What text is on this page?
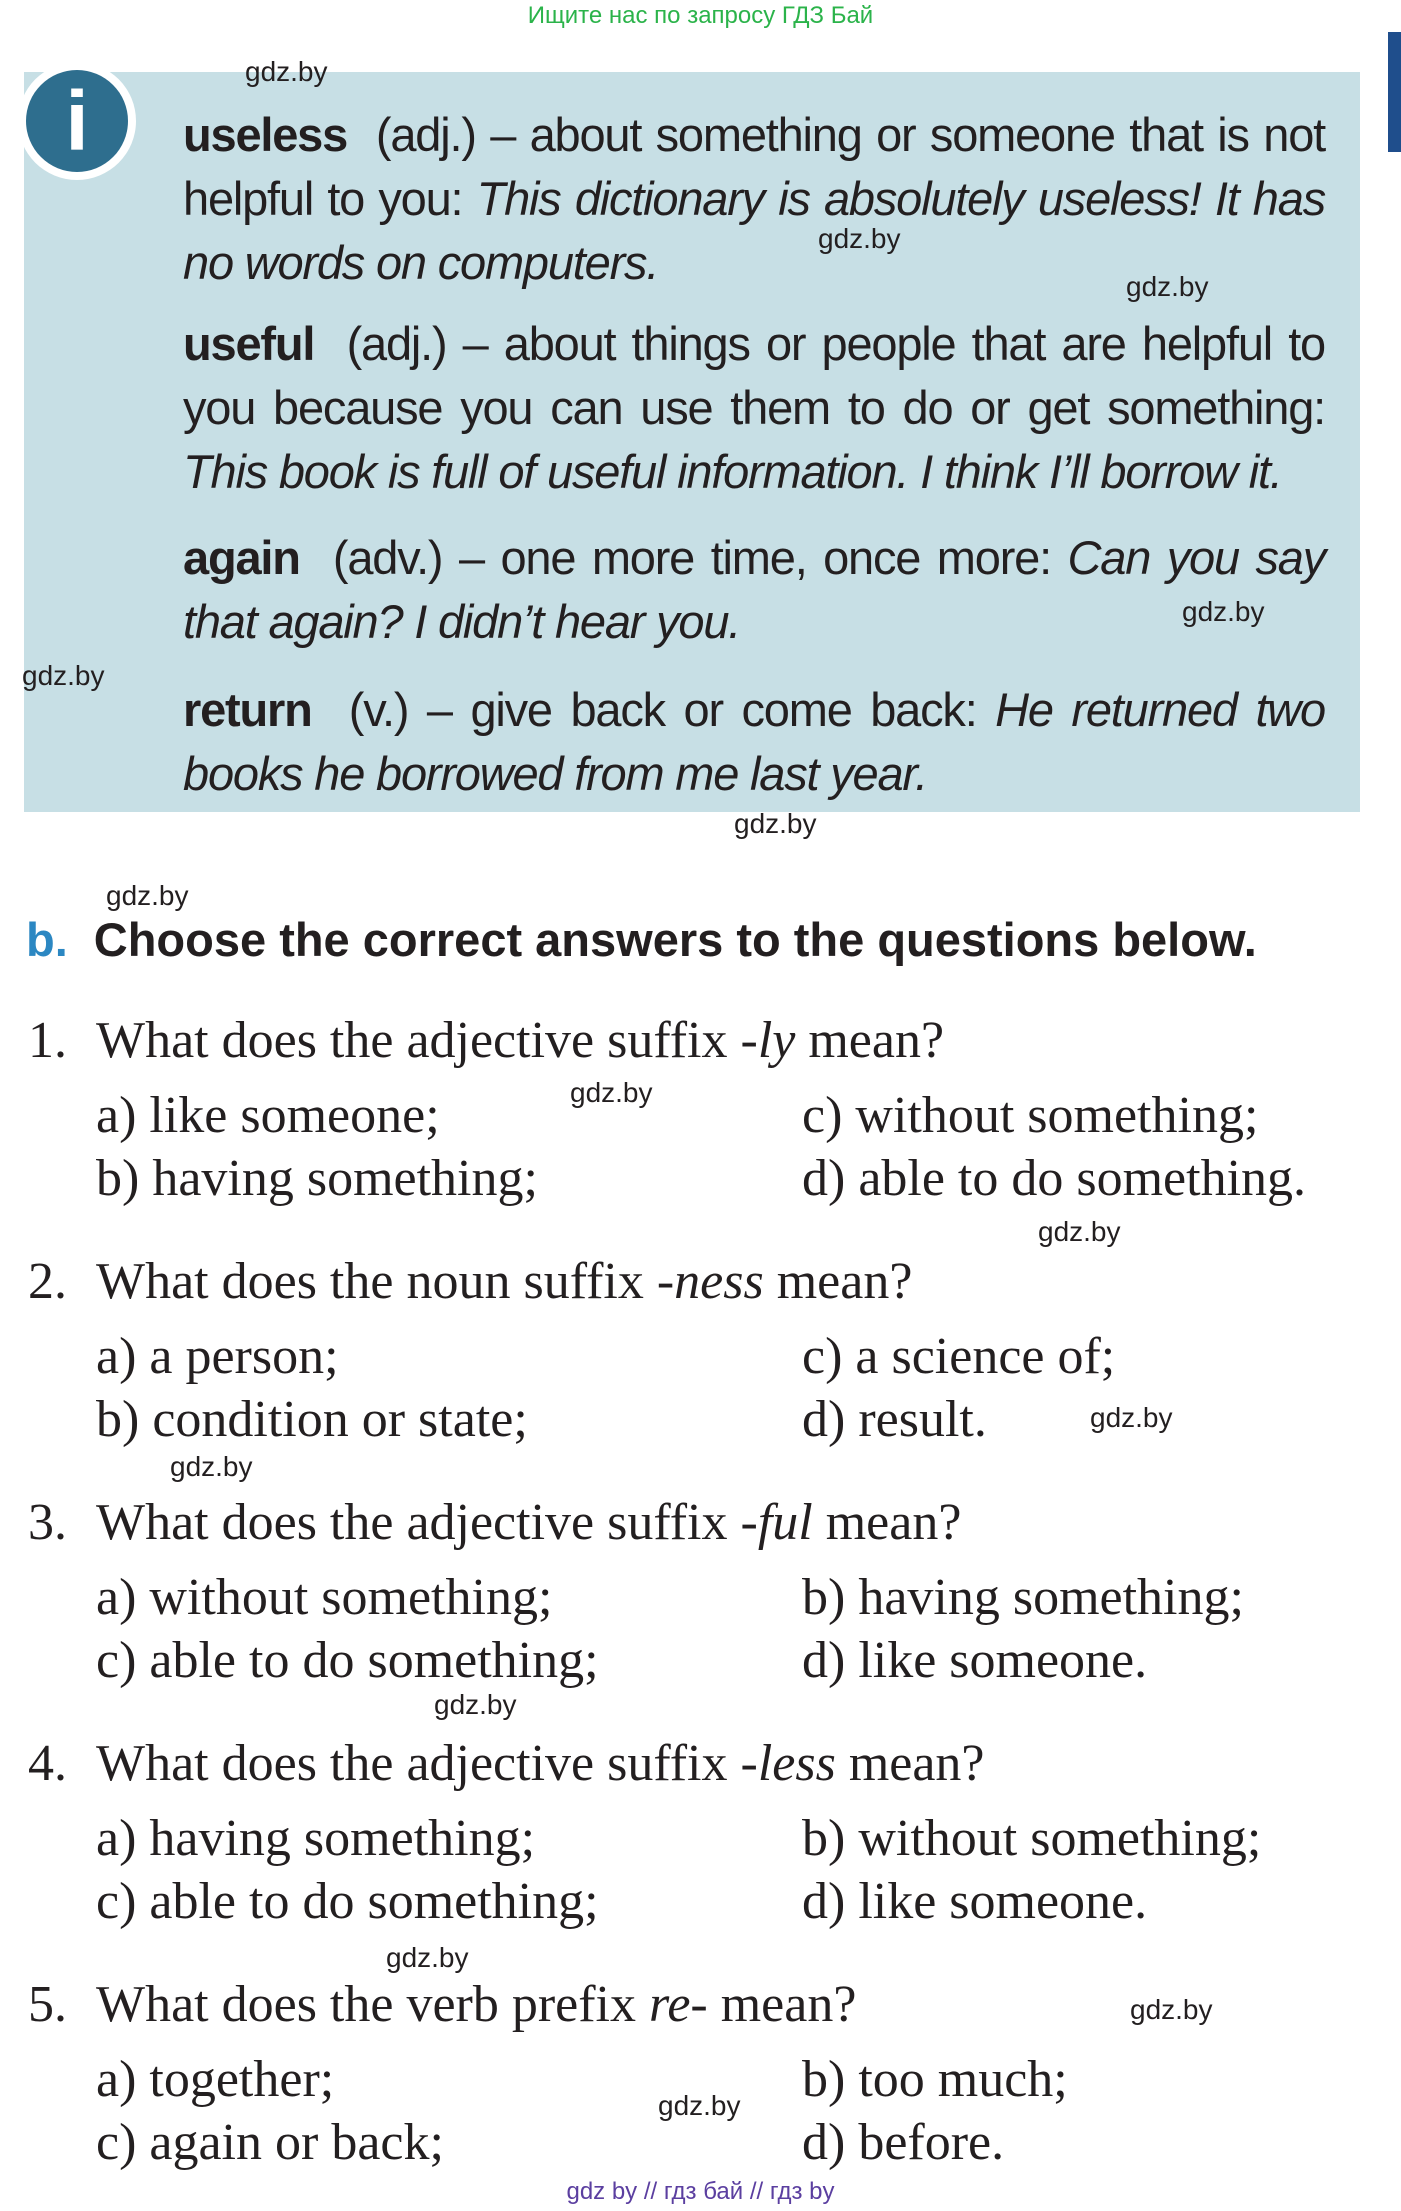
Ищите нас по запросу ГДЗ Бай
i	useless (adj.) – about something or someone that is not helpful to you: This dictionary is absolutely useless! It has no words on computers.
useful (adj.) – about things or people that are helpful to you because you can use them to do or get something: This book is full of useful information. I think I’ll borrow it.
again (adv.) – one more time, once more: Can you say that again? I didn’t hear you.
return (v.) – give back or come back: He returned two books he borrowed from me last year.
gdz.by
gdz.by
gdz.by
gdz.by
gdz.by
gdz.by
gdz.by
gdz.by
gdz.by
gdz.by
gdz.by
gdz.by
gdz.by
gdz.by
gdz.by
b. Choose the correct answers to the questions below.
1. What does the adjective suffix -ly mean?
a) like someone;	c) without something;
b) having something;	d) able to do something.
2. What does the noun suffix -ness mean?
a) a person;	c) a science of;
b) condition or state;	d) result.
3. What does the adjective suffix -ful mean?
a) without something;	b) having something;
c) able to do something;	d) like someone.
4. What does the adjective suffix -less mean?
a) having something;	b) without something;
c) able to do something;	d) like someone.
5. What does the verb prefix re- mean?
a) together;	b) too much;
c) again or back;	d) before.
gdz by // гдз бай // гдз by
